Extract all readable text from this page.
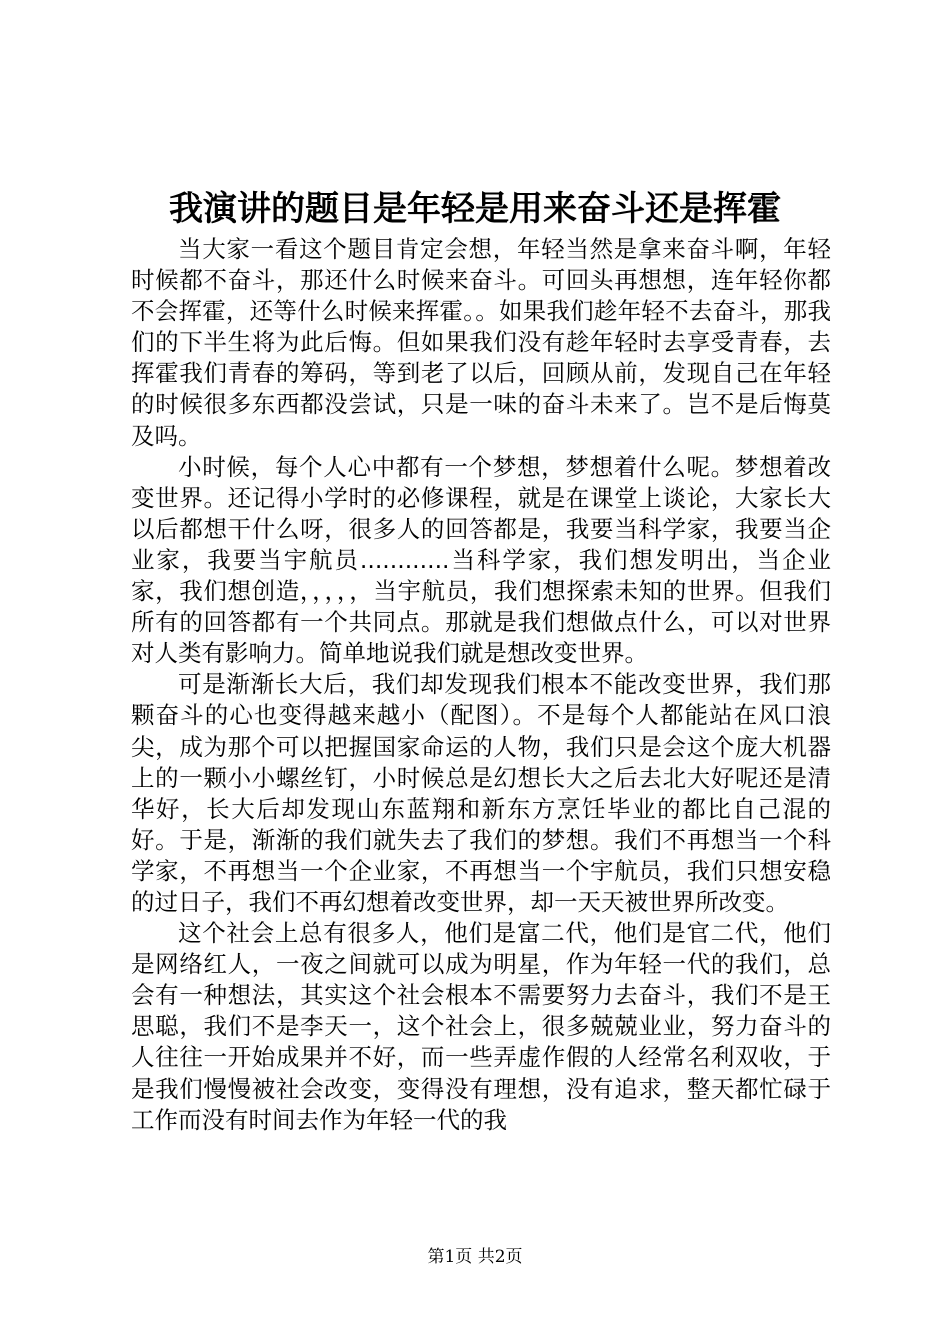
我演讲的题目是年轻是用来奋斗还是挥霍

当大家一看这个题目肯定会想，年轻当然是拿来奋斗啊，年轻时候都不奋斗，那还什么时候来奋斗。可回头再想想，连年轻你都不会挥霍，还等什么时候来挥霍。。如果我们趁年轻不去奋斗，那我们的下半生将为此后悔。但如果我们没有趁年轻时去享受青春，去挥霍我们青春的筹码，等到老了以后，回顾从前，发现自己在年轻的时候很多东西都没尝试，只是一味的奋斗未来了。岂不是后悔莫及吗。

小时候，每个人心中都有一个梦想，梦想着什么呢。梦想着改变世界。还记得小学时的必修课程，就是在课堂上谈论，大家长大以后都想干什么呀，很多人的回答都是，我要当科学家，我要当企业家，我要当宇航员............当科学家，我们想发明出，当企业家，我们想创造，，，，，当宇航员，我们想探索未知的世界。但我们所有的回答都有一个共同点。那就是我们想做点什么，可以对世界对人类有影响力。简单地说我们就是想改变世界。

可是渐渐长大后，我们却发现我们根本不能改变世界，我们那颗奋斗的心也变得越来越小（配图）。不是每个人都能站在风口浪尖，成为那个可以把握国家命运的人物，我们只是会这个庞大机器上的一颗小小螺丝钉，小时候总是幻想长大之后去北大好呢还是清华好，长大后却发现山东蓝翔和新东方烹饪毕业的都比自己混的好。于是，渐渐的我们就失去了我们的梦想。我们不再想当一个科学家，不再想当一个企业家，不再想当一个宇航员，我们只想安稳的过日子，我们不再幻想着改变世界，却一天天被世界所改变。

这个社会上总有很多人，他们是富二代，他们是官二代，他们是网络红人，一夜之间就可以成为明星，作为年轻一代的我们，总会有一种想法，其实这个社会根本不需要努力去奋斗，我们不是王思聪，我们不是李天一，这个社会上，很多兢兢业业，努力奋斗的人往往一开始成果并不好，而一些弄虚作假的人经常名利双收，于是我们慢慢被社会改变，变得没有理想，没有追求，整天都忙碌于工作而没有时间去作为年轻一代的我

第1页 共2页
